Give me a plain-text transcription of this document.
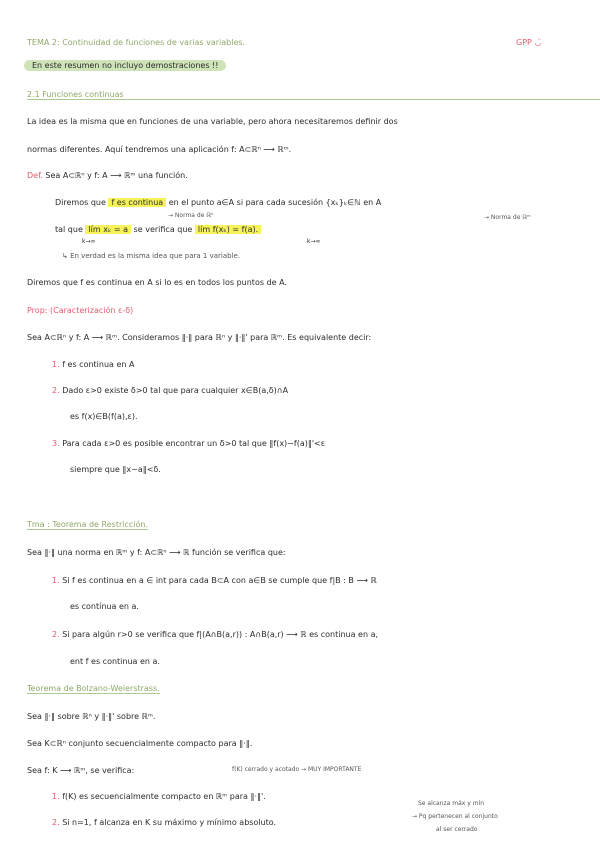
TEMA 2: Continuidad de funciones de varias variables.	GPP ◡̈
En este resumen no incluyo demostraciones !!
2.1 Funciones continuas
La idea es la misma que en funciones de una variable, pero ahora necesitaremos definir dos
normas diferentes. Aquí tendremos una aplicación f: A⊂ℝⁿ ⟶ ℝᵐ.
Def. Sea A⊂ℝⁿ y f: A ⟶ ℝᵐ una función.
Diremos que f es continua en el punto a∈A si para cada sucesión {xₖ}ₖ∈ℕ en A
→ Norma de ℝⁿ	→ Norma de ℝᵐ
tal que lím xₖ = a se verifica que lím f(xₖ) = f(a).
k→∞	k→∞
↳ En verdad es la misma idea que para 1 variable.
Diremos que f es continua en A si lo es en todos los puntos de A.
Prop: (Caracterización ε-δ)
Sea A⊂ℝⁿ y f: A ⟶ ℝᵐ. Consideramos ‖·‖ para ℝⁿ y ‖·‖' para ℝᵐ. Es equivalente decir:
1. f es continua en A
2. Dado ε>0 existe δ>0 tal que para cualquier x∈B(a,δ)∩A
es f(x)∈B(f(a),ε).
3. Para cada ε>0 es posible encontrar un δ>0 tal que ‖f(x)−f(a)‖'<ε
siempre que ‖x−a‖<δ.
Tma : Teorema de Restricción.
Sea ‖·‖ una norma en ℝᵐ y f: A⊂ℝⁿ ⟶ ℝ función se verifica que:
1. Si f es continua en a ∈ int para cada B⊂A con a∈B se cumple que f|B : B ⟶ ℝ
es contínua en a.
2. Si para algún r>0 se verifica que f|(A∩B(a,r)) : A∩B(a,r) ⟶ ℝ es continua en a,
ent f es continua en a.
Teorema de Bolzano-Weierstrass.
Sea ‖·‖ sobre ℝⁿ y ‖·‖' sobre ℝᵐ.
Sea K⊂ℝⁿ conjunto secuencialmente compacto para ‖·‖.
Sea f: K ⟶ ℝᵐ, se verifica:	f(K) cerrado y acotado → MUY IMPORTANTE
1. f(K) es secuencialmente compacto en ℝᵐ para ‖·‖'.
2. Si n=1, f alcanza en K su máximo y mínimo absoluto.
Se alcanza máx y mín
→ Pq pertenecen al conjunto
al ser cerrado
